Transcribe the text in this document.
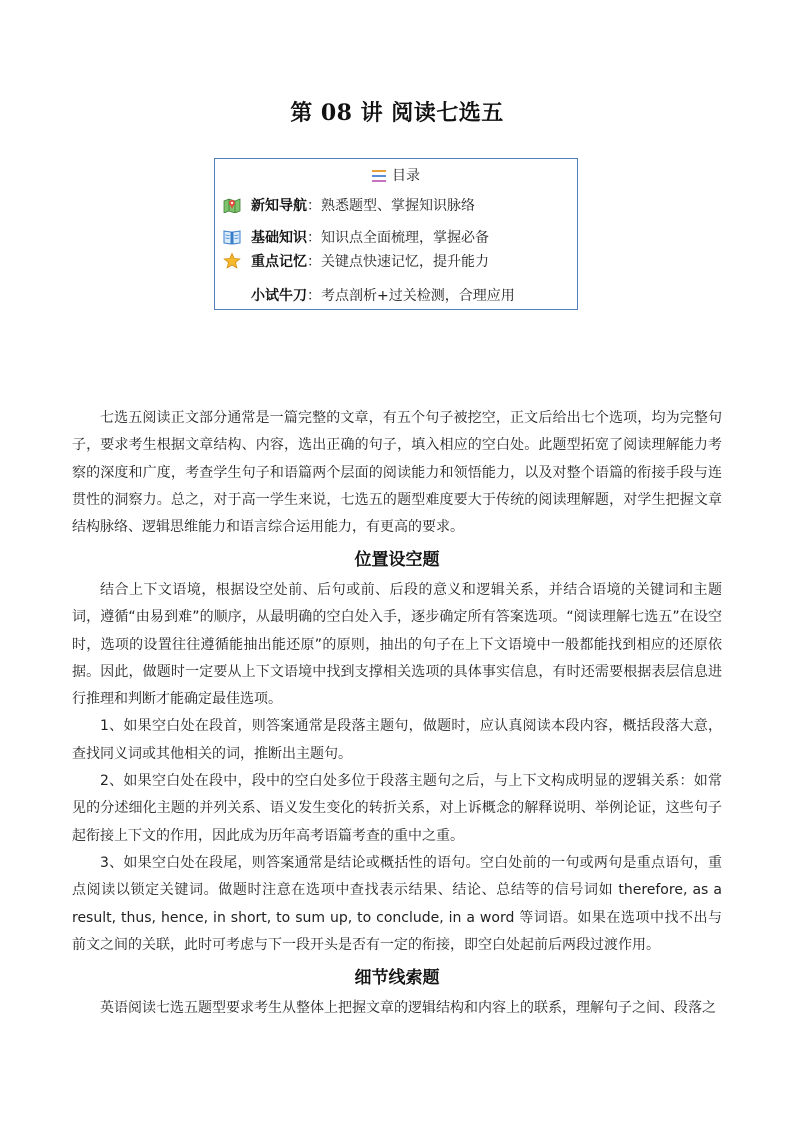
第 08 讲 阅读七选五
目录
新知导航：熟悉题型、掌握知识脉络
基础知识：知识点全面梳理，掌握必备
重点记忆：关键点快速记忆，提升能力
小试牛刀：考点剖析+过关检测，合理应用

七选五阅读正文部分通常是一篇完整的文章，有五个句子被挖空，正文后给出七个选项，均为完整句子，要求考生根据文章结构、内容，选出正确的句子，填入相应的空白处。此题型拓宽了阅读理解能力考察的深度和广度，考查学生句子和语篇两个层面的阅读能力和领悟能力，以及对整个语篇的衔接手段与连贯性的洞察力。总之，对于高一学生来说，七选五的题型难度要大于传统的阅读理解题，对学生把握文章结构脉络、逻辑思维能力和语言综合运用能力，有更高的要求。

位置设空题

结合上下文语境，根据设空处前、后句或前、后段的意义和逻辑关系，并结合语境的关键词和主题词，遵循“由易到难”的顺序，从最明确的空白处入手，逐步确定所有答案选项。“阅读理解七选五”在设空时，选项的设置往往遵循能抽出能还原”的原则，抽出的句子在上下文语境中一般都能找到相应的还原依据。因此，做题时一定要从上下文语境中找到支撑相关选项的具体事实信息，有时还需要根据表层信息进行推理和判断才能确定最佳选项。

1、如果空白处在段首，则答案通常是段落主题句，做题时，应认真阅读本段内容，概括段落大意，查找同义词或其他相关的词，推断出主题句。

2、如果空白处在段中，段中的空白处多位于段落主题句之后，与上下文构成明显的逻辑关系：如常见的分述细化主题的并列关系、语义发生变化的转折关系，对上诉概念的解释说明、举例论证，这些句子起衔接上下文的作用，因此成为历年高考语篇考查的重中之重。

3、如果空白处在段尾，则答案通常是结论或概括性的语句。空白处前的一句或两句是重点语句，重点阅读以锁定关键词。做题时注意在选项中查找表示结果、结论、总结等的信号词如 therefore, as a result, thus, hence, in short, to sum up, to conclude, in a word 等词语。如果在选项中找不出与前文之间的关联，此时可考虑与下一段开头是否有一定的衔接，即空白处起前后两段过渡作用。

细节线索题

英语阅读七选五题型要求考生从整体上把握文章的逻辑结构和内容上的联系，理解句子之间、段落之
